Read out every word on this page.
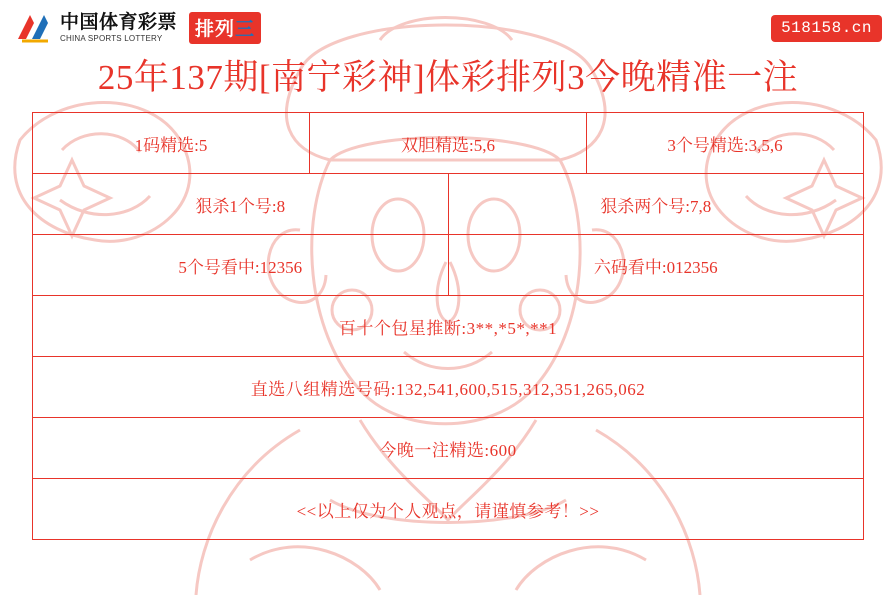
中国体育彩票
CHINA SPORTS LOTTERY	排列三	518158.cn
25年137期[南宁彩神]体彩排列3今晚精准一注
1码精选:5	双胆精选:5,6		3个号精选:3,5,6
狠杀1个号:8		狠杀两个号:7,8	
5个号看中:12356		六码看中:012356	
百十个包星推断:3**,*5*,**1			
直选八组精选号码:132,541,600,515,312,351,265,062			
今晚一注精选:600			
<<以上仅为个人观点，请谨慎参考！>>			
